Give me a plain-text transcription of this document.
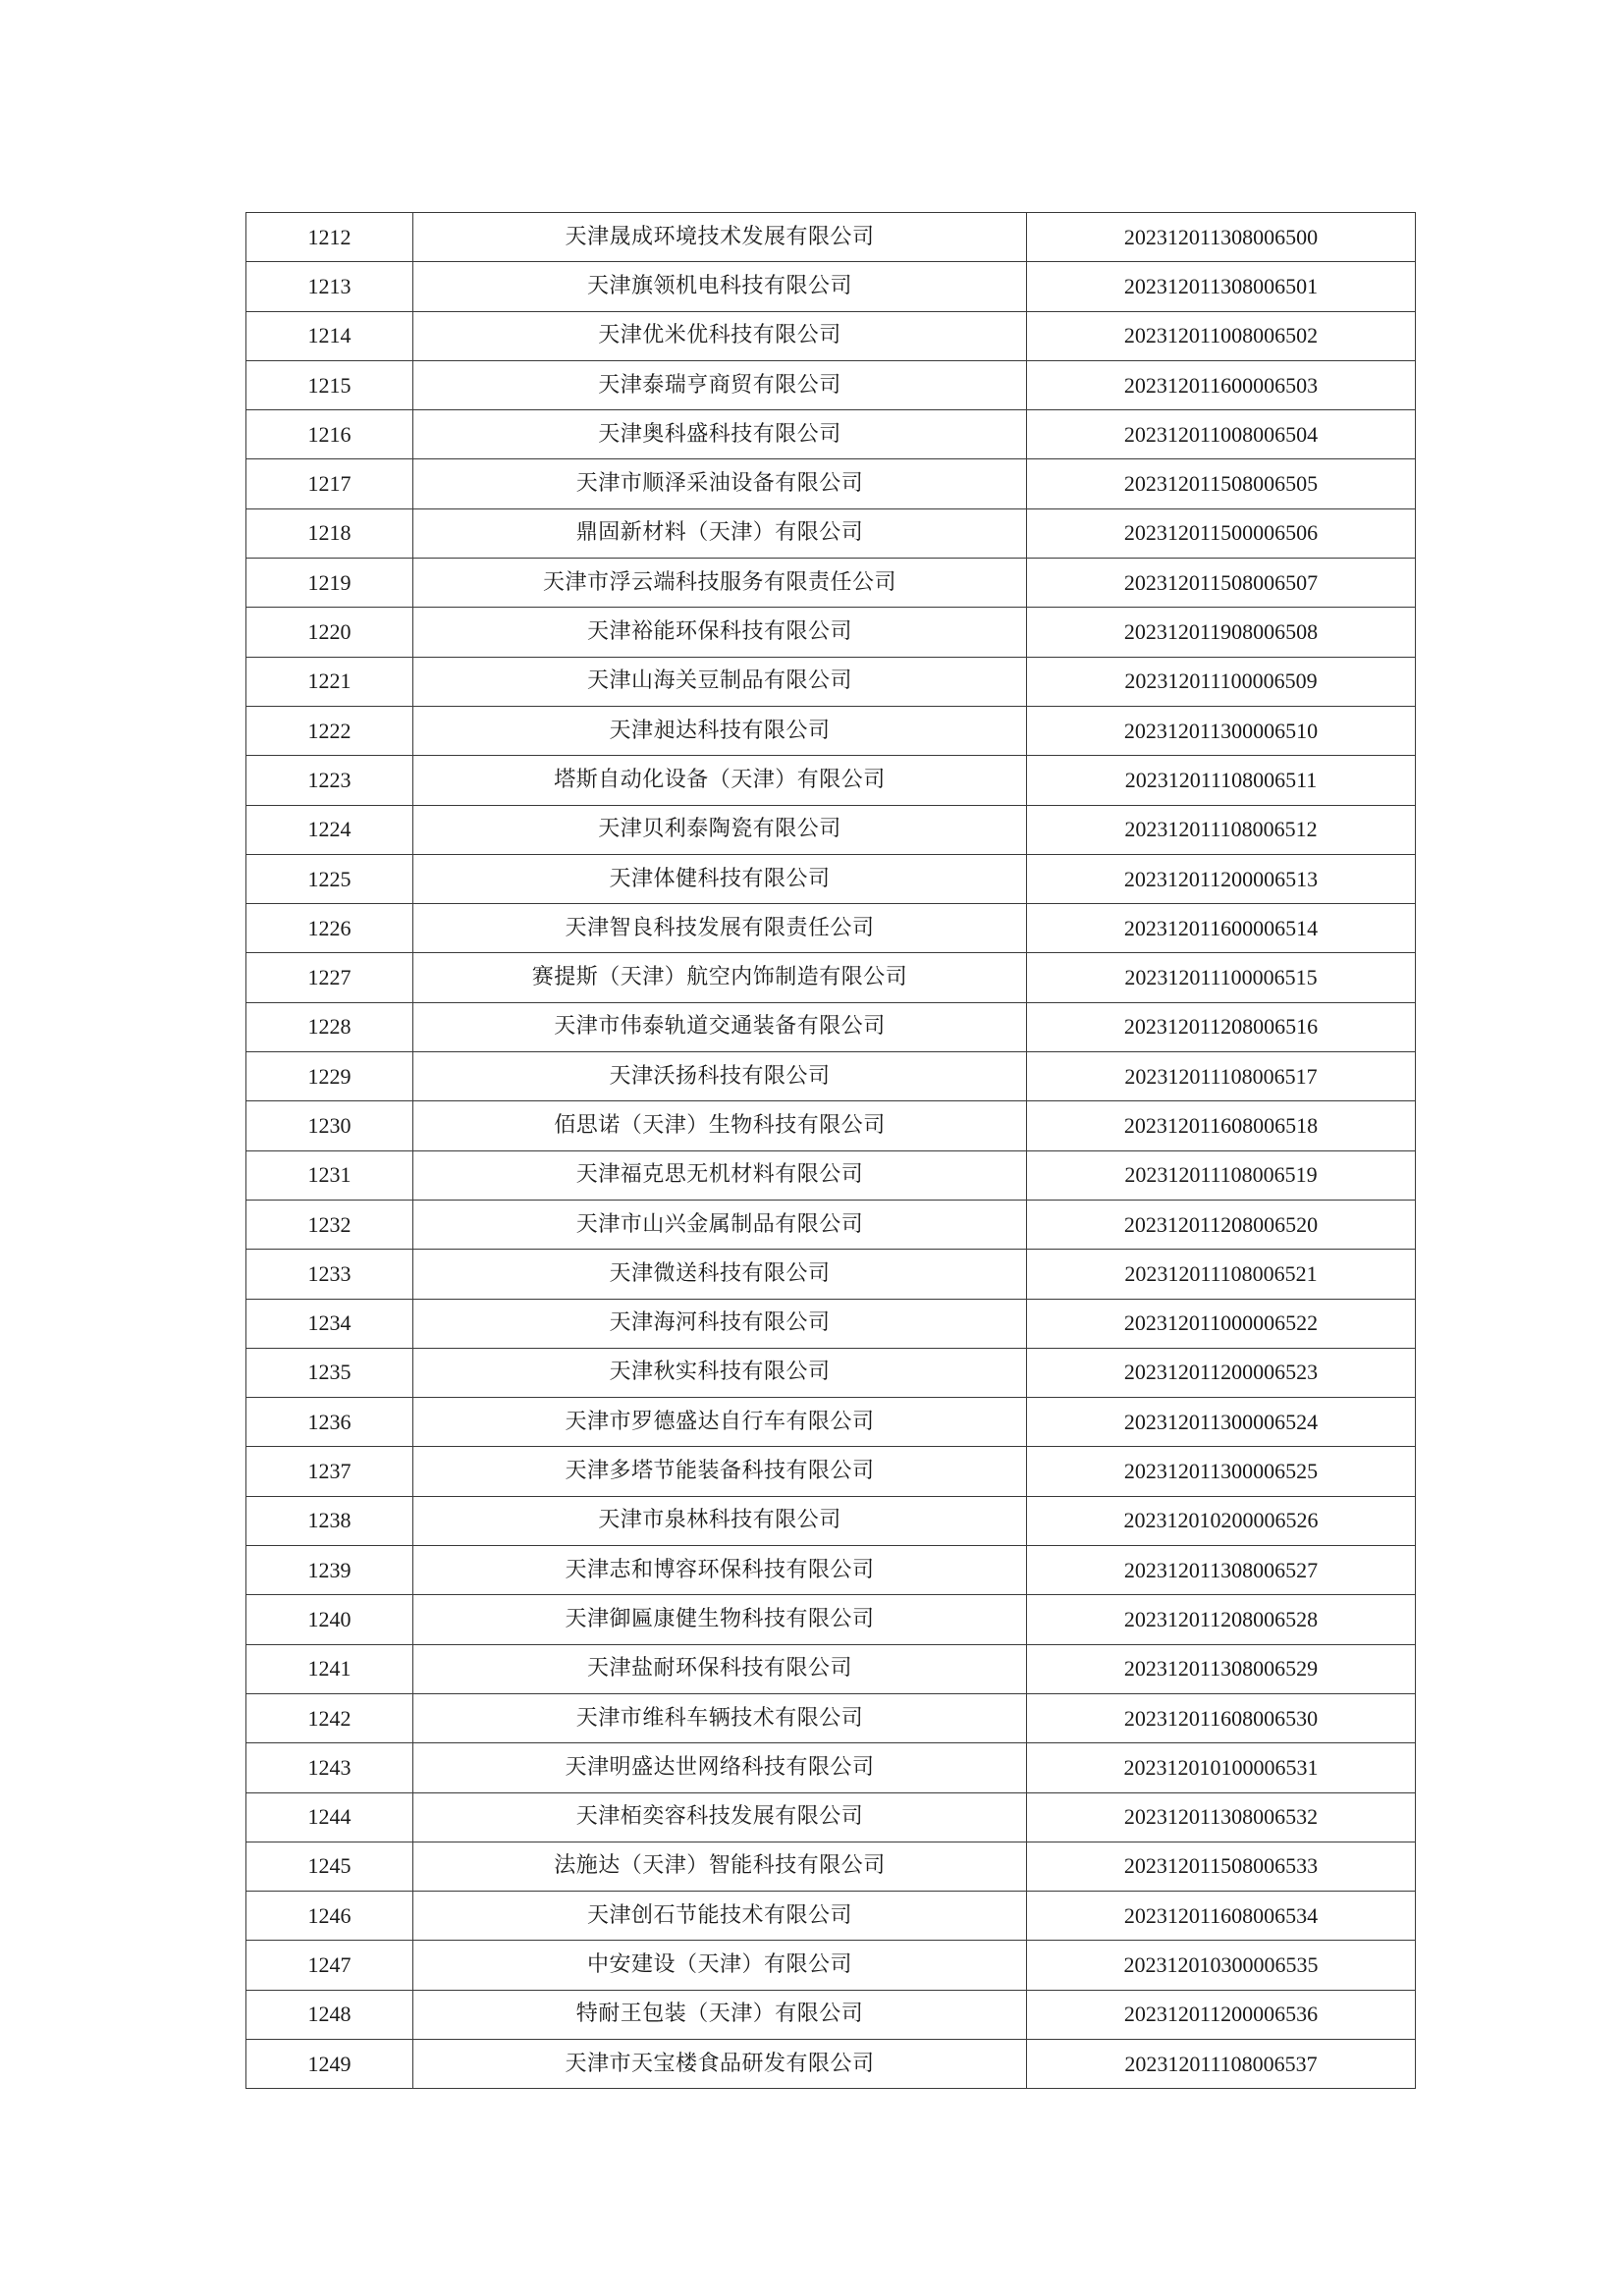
1212	天津晟成环境技术发展有限公司	202312011308006500
1213	天津旗领机电科技有限公司	202312011308006501
1214	天津优米优科技有限公司	202312011008006502
1215	天津泰瑞亨商贸有限公司	202312011600006503
1216	天津奥科盛科技有限公司	202312011008006504
1217	天津市顺泽采油设备有限公司	202312011508006505
1218	鼎固新材料（天津）有限公司	202312011500006506
1219	天津市浮云端科技服务有限责任公司	202312011508006507
1220	天津裕能环保科技有限公司	202312011908006508
1221	天津山海关豆制品有限公司	202312011100006509
1222	天津昶达科技有限公司	202312011300006510
1223	塔斯自动化设备（天津）有限公司	202312011108006511
1224	天津贝利泰陶瓷有限公司	202312011108006512
1225	天津体健科技有限公司	202312011200006513
1226	天津智良科技发展有限责任公司	202312011600006514
1227	赛提斯（天津）航空内饰制造有限公司	202312011100006515
1228	天津市伟泰轨道交通装备有限公司	202312011208006516
1229	天津沃扬科技有限公司	202312011108006517
1230	佰思诺（天津）生物科技有限公司	202312011608006518
1231	天津福克思无机材料有限公司	202312011108006519
1232	天津市山兴金属制品有限公司	202312011208006520
1233	天津微送科技有限公司	202312011108006521
1234	天津海河科技有限公司	202312011000006522
1235	天津秋实科技有限公司	202312011200006523
1236	天津市罗德盛达自行车有限公司	202312011300006524
1237	天津多塔节能装备科技有限公司	202312011300006525
1238	天津市泉林科技有限公司	202312010200006526
1239	天津志和博容环保科技有限公司	202312011308006527
1240	天津御匾康健生物科技有限公司	202312011208006528
1241	天津盐耐环保科技有限公司	202312011308006529
1242	天津市维科车辆技术有限公司	202312011608006530
1243	天津明盛达世网络科技有限公司	202312010100006531
1244	天津栢奕容科技发展有限公司	202312011308006532
1245	法施达（天津）智能科技有限公司	202312011508006533
1246	天津创石节能技术有限公司	202312011608006534
1247	中安建设（天津）有限公司	202312010300006535
1248	特耐王包装（天津）有限公司	202312011200006536
1249	天津市天宝楼食品研发有限公司	202312011108006537
